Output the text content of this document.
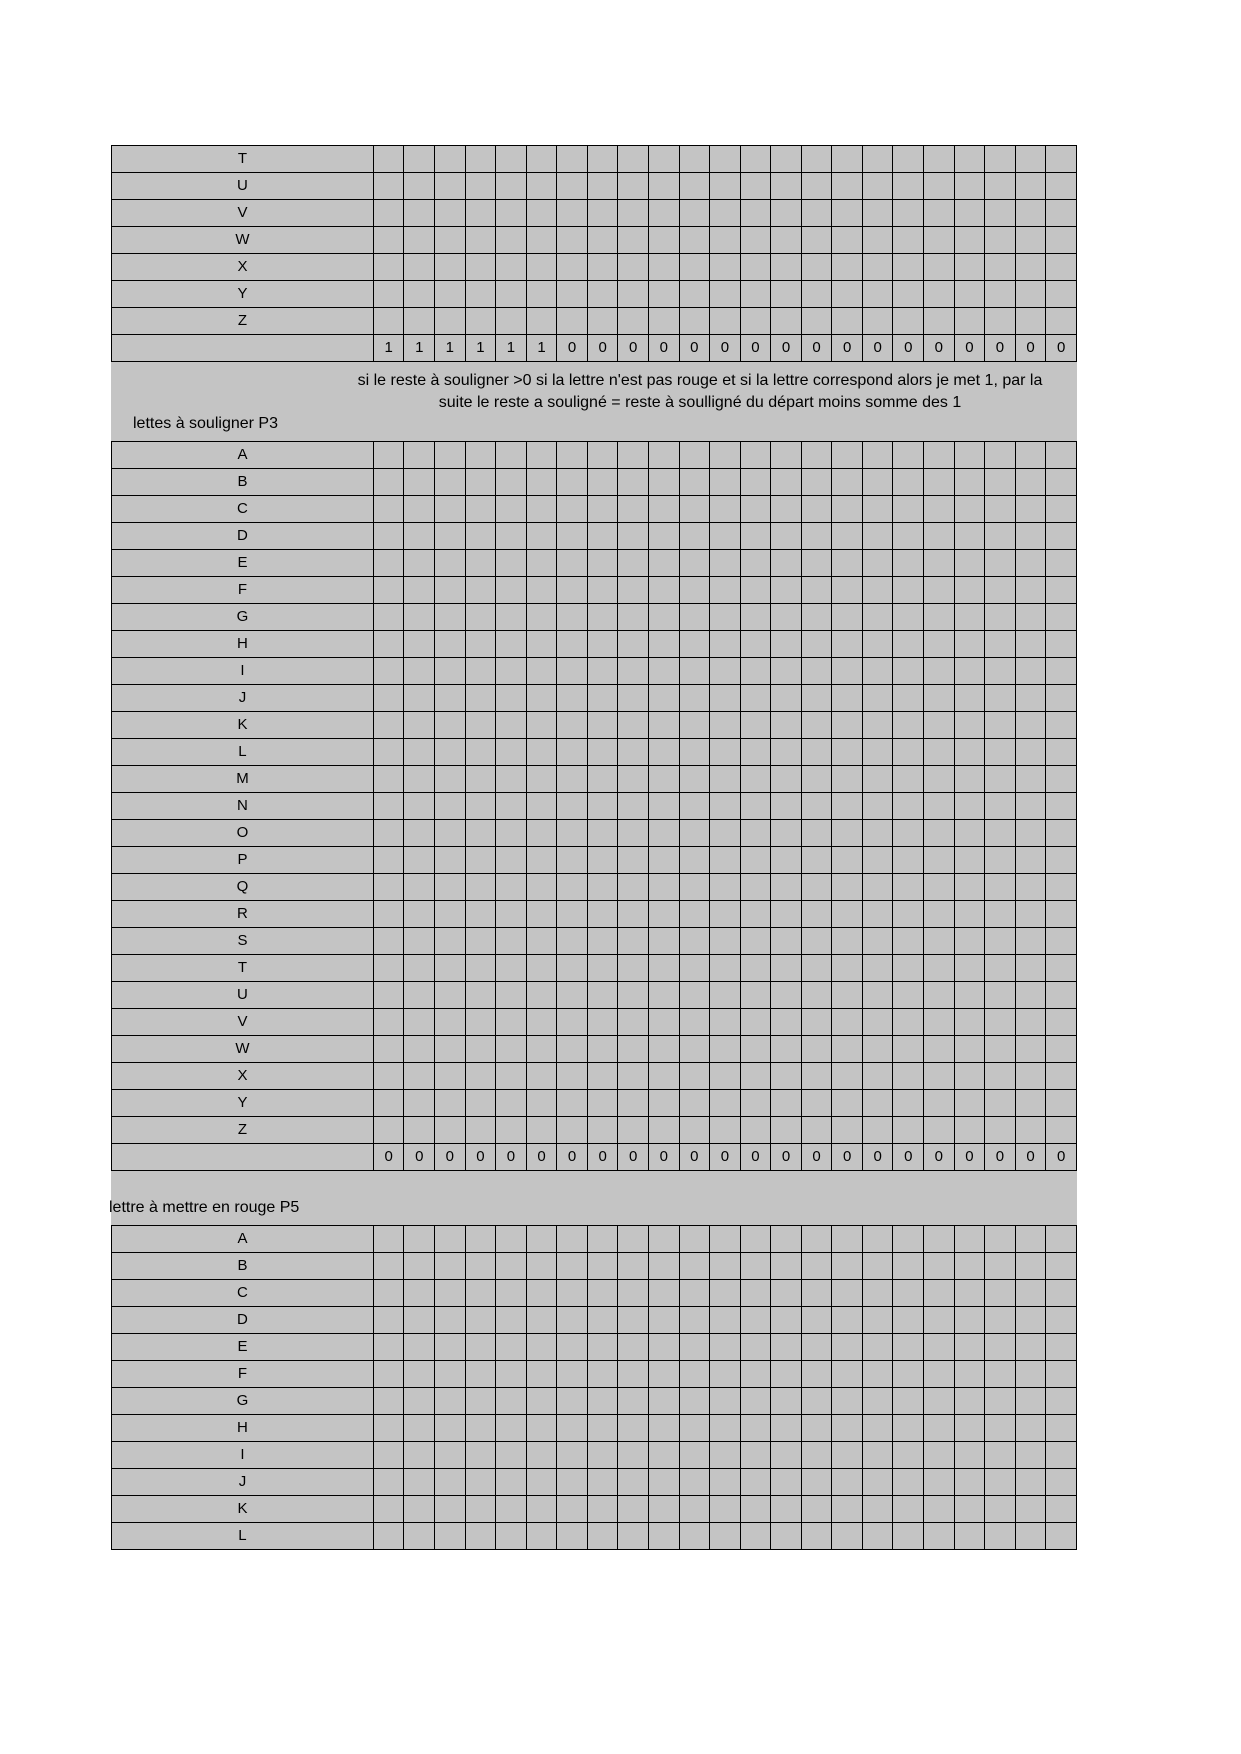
T																							
U																							
V																							
W																							
X																							
Y																							
Z																							
	1	1	1	1	1	1	0	0	0	0	0	0	0	0	0	0	0	0	0	0	0	0	0
si le reste à souligner >0 si la lettre n'est pas rouge et si la lettre correspond alors je met 1, par la suite le reste a souligné = reste à soulligné du départ moins somme des 1
lettes à souligner P3
A																							
B																							
C																							
D																							
E																							
F																							
G																							
H																							
I																							
J																							
K																							
L																							
M																							
N																							
O																							
P																							
Q																							
R																							
S																							
T																							
U																							
V																							
W																							
X																							
Y																							
Z																							
	0	0	0	0	0	0	0	0	0	0	0	0	0	0	0	0	0	0	0	0	0	0	0
lettre à mettre en rouge P5
A																							
B																							
C																							
D																							
E																							
F																							
G																							
H																							
I																							
J																							
K																							
L																							
